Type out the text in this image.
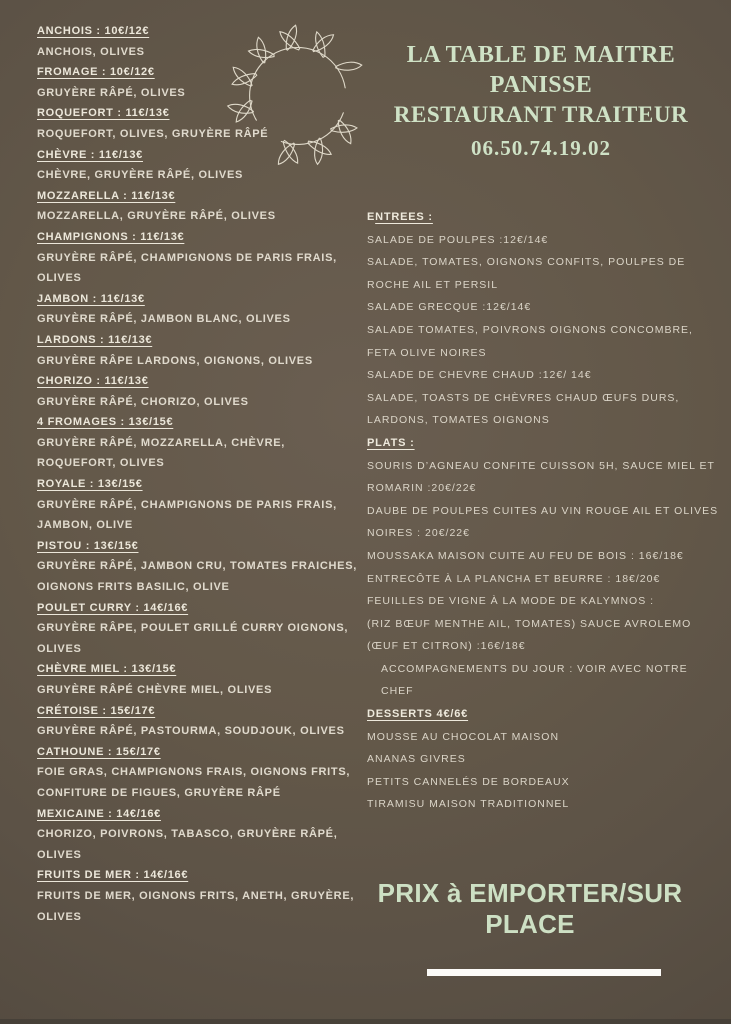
LA TABLE DE MAITRE PANISSE
RESTAURANT TRAITEUR
06.50.74.19.02
ANCHOIS : 10€/12€
ANCHOIS, OLIVES
FROMAGE : 10€/12€
GRUYÈRE RÂPÉ, OLIVES
ROQUEFORT : 11€/13€
ROQUEFORT, OLIVES, GRUYÈRE RÂPÉ
CHÈVRE : 11€/13€
CHÈVRE, GRUYÈRE RÂPÉ, OLIVES
MOZZARELLA : 11€/13€
MOZZARELLA, GRUYÈRE RÂPÉ, OLIVES
CHAMPIGNONS : 11€/13€
GRUYÈRE RÂPÉ, CHAMPIGNONS DE PARIS FRAIS, OLIVES
JAMBON : 11€/13€
GRUYÈRE RÂPÉ, JAMBON BLANC, OLIVES
LARDONS : 11€/13€
GRUYÈRE RÂPE LARDONS, OIGNONS, OLIVES
CHORIZO : 11€/13€
GRUYÈRE RÂPÉ, CHORIZO, OLIVES
4 FROMAGES : 13€/15€
GRUYÈRE RÂPÉ, MOZZARELLA, CHÈVRE, ROQUEFORT, OLIVES
ROYALE : 13€/15€
GRUYÈRE RÂPÉ, CHAMPIGNONS DE PARIS FRAIS, JAMBON, OLIVE
PISTOU : 13€/15€
GRUYÈRE RÂPÉ, JAMBON CRU, TOMATES FRAICHES, OIGNONS FRITS BASILIC, OLIVE
POULET CURRY : 14€/16€
GRUYÈRE RÂPE, POULET GRILLÉ CURRY OIGNONS, OLIVES
CHÈVRE MIEL : 13€/15€
GRUYÈRE RÂPÉ CHÈVRE MIEL, OLIVES
CRÉTOISE : 15€/17€
GRUYÈRE RÂPÉ, PASTOURMA, SOUDJOUK, OLIVES
CATHOUNE : 15€/17€
FOIE GRAS, CHAMPIGNONS FRAIS, OIGNONS FRITS, CONFITURE DE FIGUES, GRUYÈRE RÂPÉ
MEXICAINE : 14€/16€
CHORIZO, POIVRONS, TABASCO, GRUYÈRE RÂPÉ, OLIVES
FRUITS DE MER : 14€/16€
FRUITS DE MER, OIGNONS FRITS, ANETH, GRUYÈRE, OLIVES
ENTREES :
SALADE DE POULPES :12€/14€
SALADE, TOMATES, OIGNONS CONFITS, POULPES DE ROCHE AIL ET PERSIL
SALADE GRECQUE :12€/14€
SALADE TOMATES, POIVRONS OIGNONS CONCOMBRE, FETA OLIVE NOIRES
SALADE DE CHEVRE CHAUD :12€/ 14€
SALADE, TOASTS DE CHÈVRES CHAUD ŒUFS DURS, LARDONS, TOMATES OIGNONS
PLATS :
SOURIS D’AGNEAU CONFITE CUISSON 5H, SAUCE MIEL ET ROMARIN :20€/22€
DAUBE DE POULPES CUITES AU VIN ROUGE AIL ET OLIVES NOIRES : 20€/22€
MOUSSAKA MAISON CUITE AU FEU DE BOIS : 16€/18€
ENTRECÔTE À LA PLANCHA ET BEURRE : 18€/20€
FEUILLES DE VIGNE À LA MODE DE KALYMNOS :
(RIZ BŒUF MENTHE AIL, TOMATES) SAUCE AVROLEMO (ŒUF ET CITRON) :16€/18€
ACCOMPAGNEMENTS DU JOUR : VOIR AVEC NOTRE CHEF
DESSERTS 4€/6€
MOUSSE AU CHOCOLAT MAISON
ANANAS GIVRES
PETITS CANNELÉS DE BORDEAUX
TIRAMISU MAISON TRADITIONNEL
PRIX à EMPORTER/SUR PLACE
